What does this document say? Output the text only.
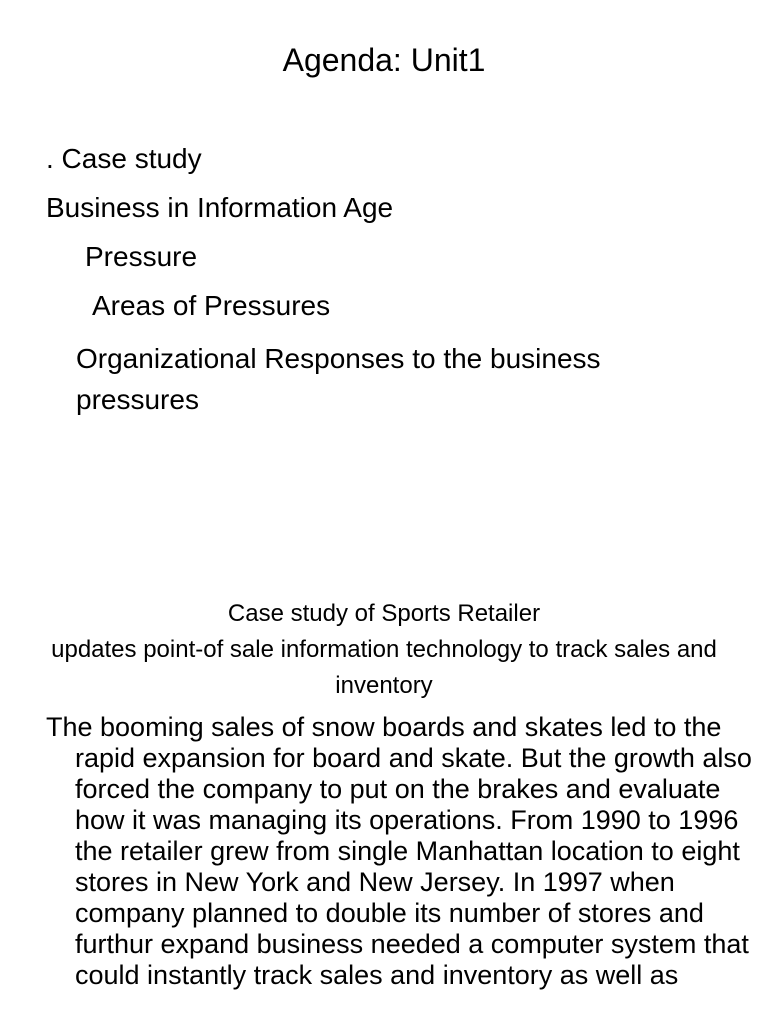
Agenda: Unit1
. Case study
Business in Information Age
Pressure
Areas of Pressures
Organizational Responses to the business pressures
Case study of Sports Retailer
updates point-of sale information technology to track sales and inventory

The booming sales of snow boards and skates led to the rapid expansion for board and skate. But the growth also forced the company to put on the brakes and evaluate how it was managing its operations. From 1990 to 1996 the retailer grew from single Manhattan location to eight stores in New York and New Jersey. In 1997 when company planned to double its number of stores and furthur expand business needed a computer system that could instantly track sales and inventory as well as
